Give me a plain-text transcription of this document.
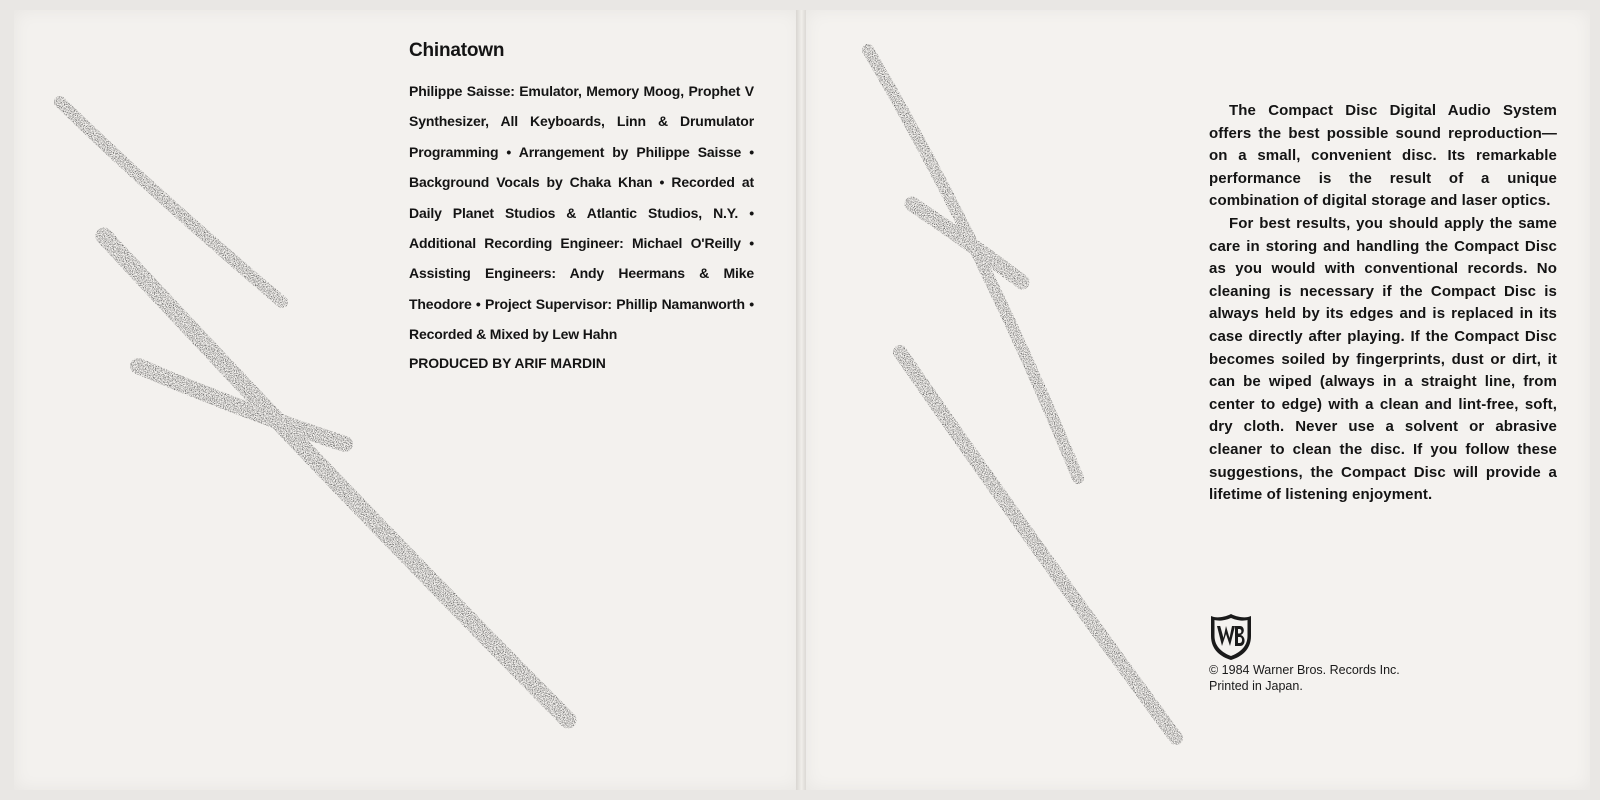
Chinatown

Philippe Saisse: Emulator, Memory Moog, Prophet V Synthesizer, All Keyboards, Linn & Drumulator Programming • Arrangement by Philippe Saisse • Background Vocals by Chaka Khan • Recorded at Daily Planet Studios & Atlantic Studios, N.Y. • Additional Recording Engineer: Michael O'Reilly • Assisting Engineers: Andy Heermans & Mike Theodore • Project Supervisor: Phillip Namanworth • Recorded & Mixed by Lew Hahn

PRODUCED BY ARIF MARDIN

The Compact Disc Digital Audio System offers the best possible sound reproduction—on a small, convenient disc. Its remarkable performance is the result of a unique combination of digital storage and laser optics.

For best results, you should apply the same care in storing and handling the Compact Disc as you would with conventional records. No cleaning is necessary if the Compact Disc is always held by its edges and is replaced in its case directly after playing. If the Compact Disc becomes soiled by fingerprints, dust or dirt, it can be wiped (always in a straight line, from center to edge) with a clean and lint-free, soft, dry cloth. Never use a solvent or abrasive cleaner to clean the disc. If you follow these suggestions, the Compact Disc will provide a lifetime of listening enjoyment.

© 1984 Warner Bros. Records Inc.
Printed in Japan.
